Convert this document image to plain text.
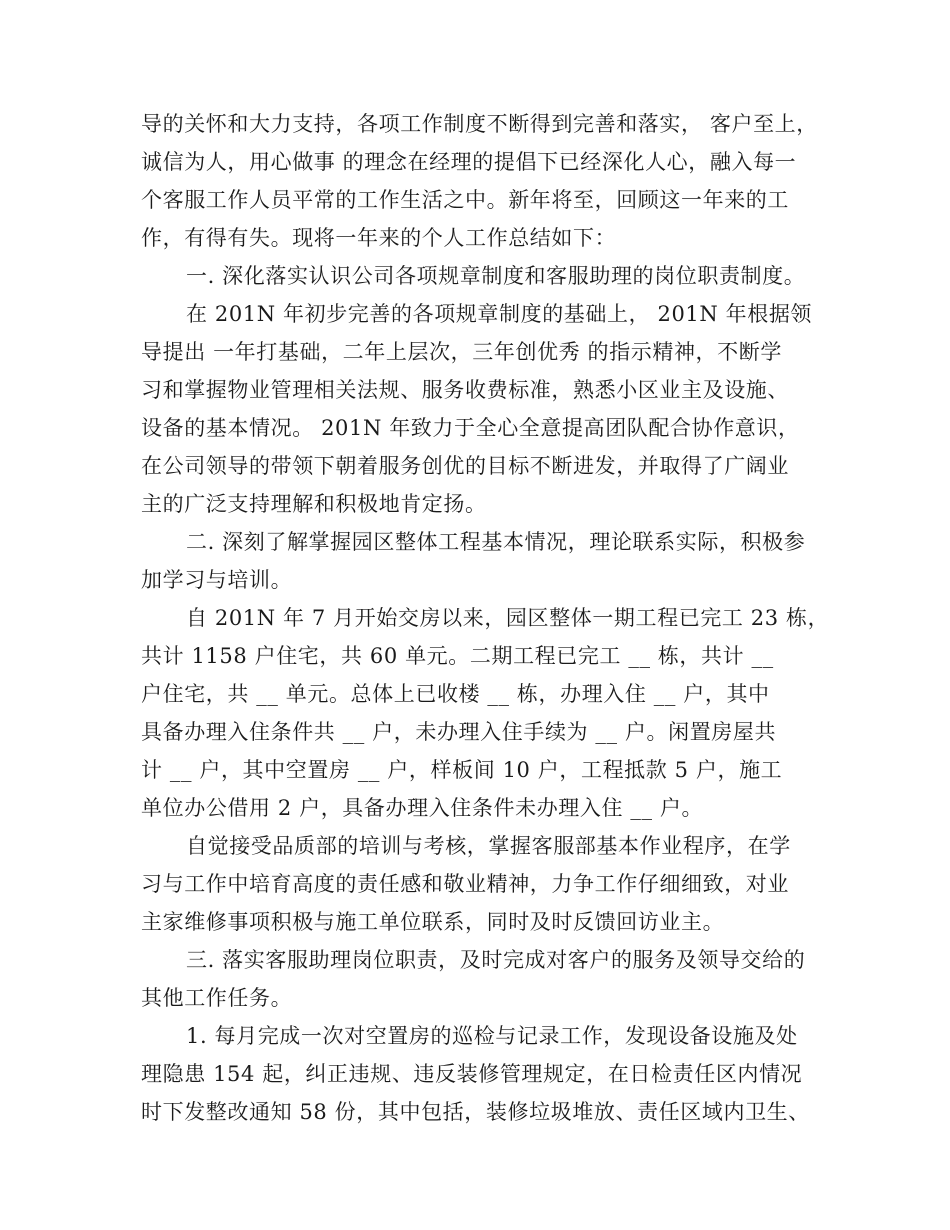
导的关怀和大力支持，各项工作制度不断得到完善和落实， 客户至上，
诚信为人，用心做事 的理念在经理的提倡下已经深化人心，融入每一
个客服工作人员平常的工作生活之中。新年将至，回顾这一年来的工
作，有得有失。现将一年来的个人工作总结如下：
一. 深化落实认识公司各项规章制度和客服助理的岗位职责制度。
在 201N 年初步完善的各项规章制度的基础上， 201N 年根据领
导提出 一年打基础，二年上层次，三年创优秀 的指示精神，不断学
习和掌握物业管理相关法规、服务收费标准，熟悉小区业主及设施、
设备的基本情况。 201N 年致力于全心全意提高团队配合协作意识，
在公司领导的带领下朝着服务创优的目标不断进发，并取得了广阔业
主的广泛支持理解和积极地肯定扬。
二. 深刻了解掌握园区整体工程基本情况，理论联系实际，积极参
加学习与培训。
自 201N 年 7 月开始交房以来，园区整体一期工程已完工 23 栋，
共计 1158 户住宅，共 60 单元。二期工程已完工 __ 栋，共计 __
户住宅，共 __ 单元。总体上已收楼 __ 栋，办理入住 __ 户，其中
具备办理入住条件共 __ 户，未办理入住手续为 __ 户。闲置房屋共
计 __ 户，其中空置房 __ 户，样板间 10 户，工程抵款 5 户，施工
单位办公借用 2 户，具备办理入住条件未办理入住 __ 户。
自觉接受品质部的培训与考核，掌握客服部基本作业程序，在学
习与工作中培育高度的责任感和敬业精神，力争工作仔细细致，对业
主家维修事项积极与施工单位联系，同时及时反馈回访业主。
三. 落实客服助理岗位职责，及时完成对客户的服务及领导交给的
其他工作任务。
1. 每月完成一次对空置房的巡检与记录工作，发现设备设施及处
理隐患 154 起，纠正违规、违反装修管理规定，在日检责任区内情况
时下发整改通知 58 份，其中包括，装修垃圾堆放、责任区域内卫生、
